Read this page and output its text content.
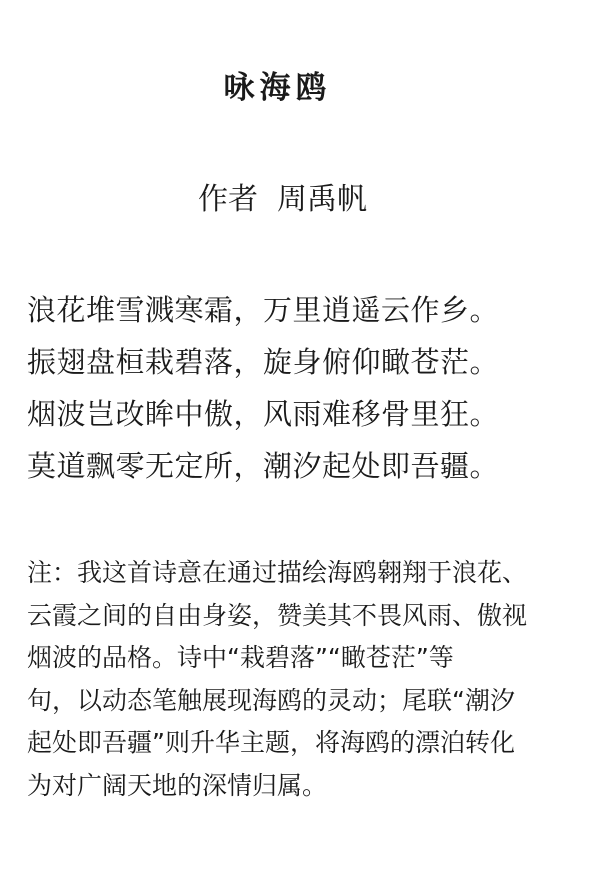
咏海鸥
作者  周禹帆
浪花堆雪溅寒霜，万里逍遥云作乡。
振翅盘桓栽碧落，旋身俯仰瞰苍茫。
烟波岂改眸中傲，风雨难移骨里狂。
莫道飘零无定所，潮汐起处即吾疆。
注：我这首诗意在通过描绘海鸥翱翔于浪花、
云霞之间的自由身姿，赞美其不畏风雨、傲视
烟波的品格。诗中“栽碧落”“瞰苍茫”等
句，以动态笔触展现海鸥的灵动；尾联“潮汐
起处即吾疆”则升华主题，将海鸥的漂泊转化
为对广阔天地的深情归属。
